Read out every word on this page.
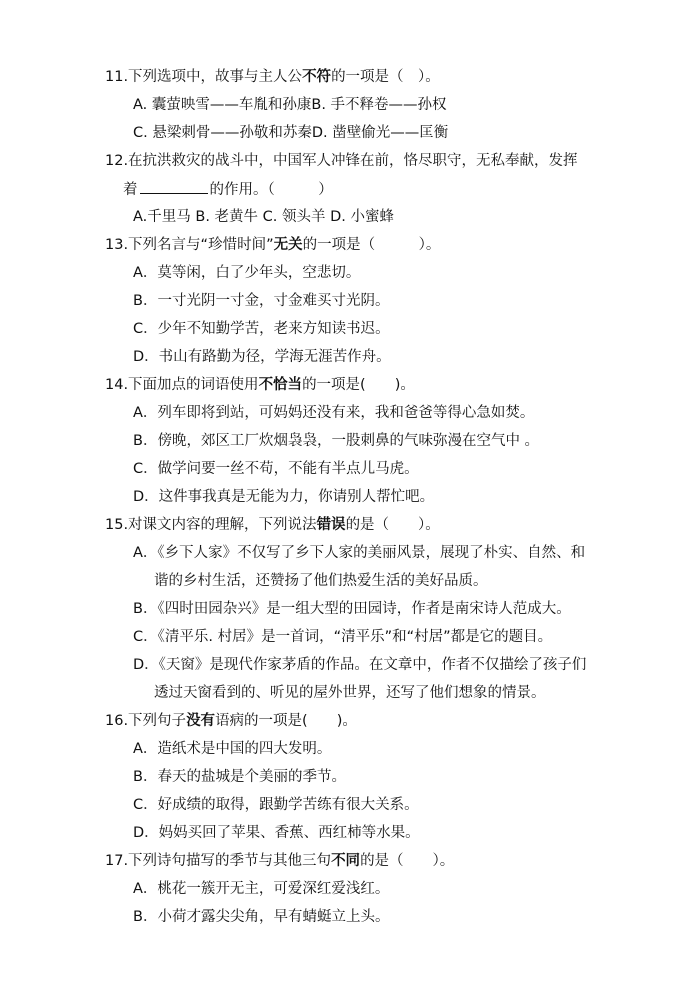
11.下列选项中，故事与主人公不符的一项是（　）。
A. 囊萤映雪——车胤和孙康B. 手不释卷——孙权
C. 悬梁刺骨——孙敬和苏秦D. 凿壁偷光——匡衡
12.在抗洪救灾的战斗中，中国军人冲锋在前，恪尽职守，无私奉献，发挥
着	的作用。（　　　）
A.千里马 B. 老黄牛 C. 领头羊 D. 小蜜蜂
13.下列名言与“珍惜时间”无关的一项是（　　　）。
A．莫等闲，白了少年头，空悲切。
B．一寸光阴一寸金，寸金难买寸光阴。
C．少年不知勤学苦，老来方知读书迟。
D．书山有路勤为径，学海无涯苦作舟。
14.下面加点的词语使用不恰当的一项是(　　)。
A．列车即将到站，可妈妈还没有来，我和爸爸等得心急如焚。
B．傍晚，郊区工厂炊烟袅袅，一股刺鼻的气味弥漫在空气中 。
C．做学问要一丝不苟，不能有半点儿马虎。
D．这件事我真是无能为力，你请别人帮忙吧。
15.对课文内容的理解，下列说法错误的是（　　）。
A．《乡下人家》不仅写了乡下人家的美丽风景，展现了朴实、自然、和
谐的乡村生活，还赞扬了他们热爱生活的美好品质。
B．《四时田园杂兴》是一组大型的田园诗，作者是南宋诗人范成大。
C．《清平乐. 村居》是一首词，“清平乐”和“村居”都是它的题目。
D．《天窗》是现代作家茅盾的作品。在文章中，作者不仅描绘了孩子们
透过天窗看到的、听见的屋外世界，还写了他们想象的情景。
16.下列句子没有语病的一项是(　　)。
A．造纸术是中国的四大发明。
B．春天的盐城是个美丽的季节。
C．好成绩的取得，跟勤学苦练有很大关系。
D．妈妈买回了苹果、香蕉、西红柿等水果。
17.下列诗句描写的季节与其他三句不同的是（　　）。
A．桃花一簇开无主，可爱深红爱浅红。
B．小荷才露尖尖角，早有蜻蜓立上头。
